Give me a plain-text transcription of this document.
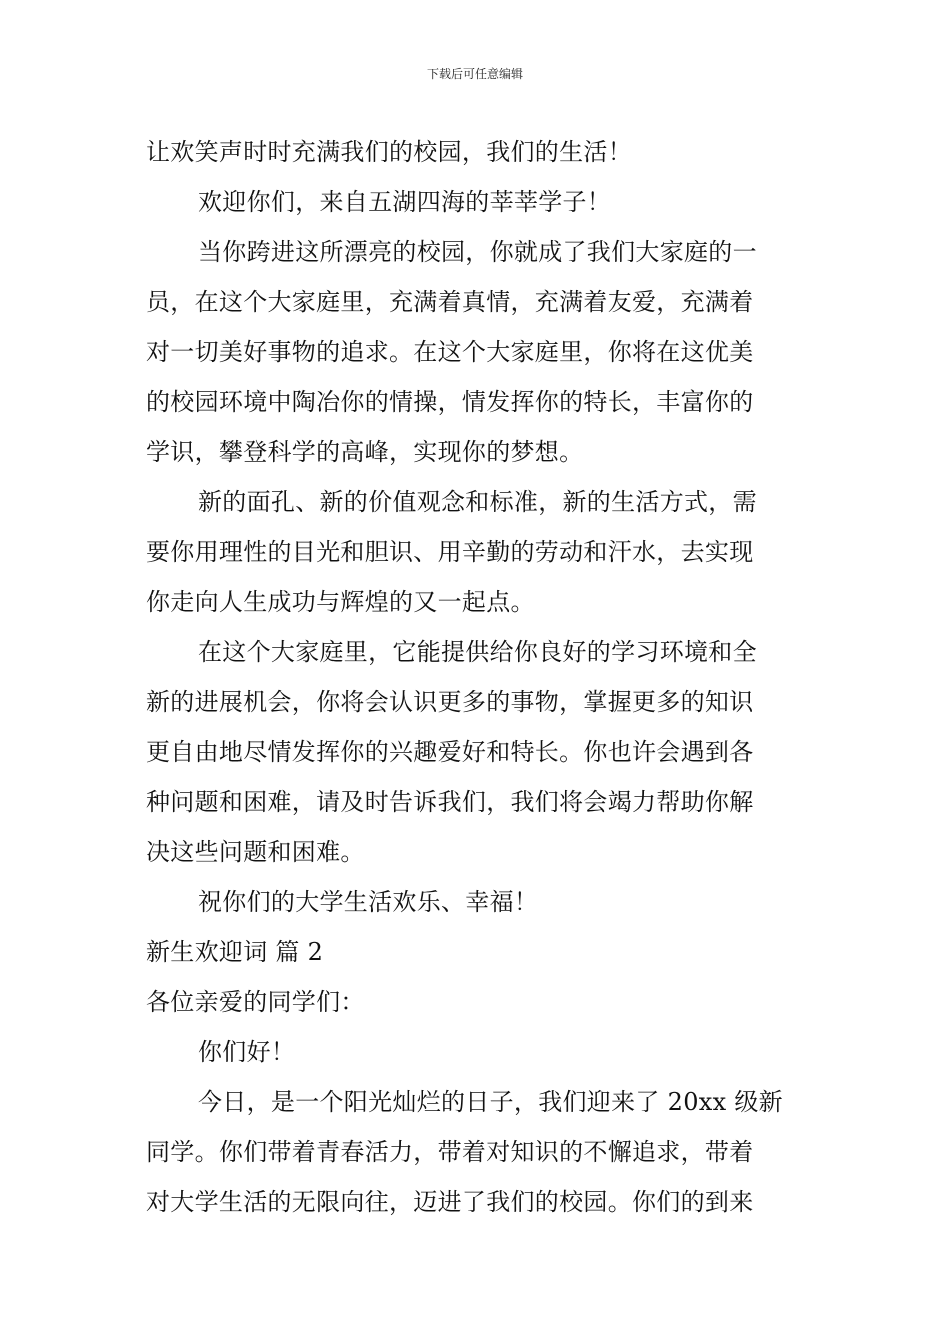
下载后可任意编辑
让欢笑声时时充满我们的校园，我们的生活！
欢迎你们，来自五湖四海的莘莘学子！
当你跨进这所漂亮的校园，你就成了我们大家庭的一
员，在这个大家庭里，充满着真情，充满着友爱，充满着
对一切美好事物的追求。在这个大家庭里，你将在这优美
的校园环境中陶冶你的情操，情发挥你的特长，丰富你的
学识，攀登科学的高峰，实现你的梦想。
新的面孔、新的价值观念和标准，新的生活方式，需
要你用理性的目光和胆识、用辛勤的劳动和汗水，去实现
你走向人生成功与辉煌的又一起点。
在这个大家庭里，它能提供给你良好的学习环境和全
新的进展机会，你将会认识更多的事物，掌握更多的知识
更自由地尽情发挥你的兴趣爱好和特长。你也许会遇到各
种问题和困难，请及时告诉我们，我们将会竭力帮助你解
决这些问题和困难。
祝你们的大学生活欢乐、幸福！
新生欢迎词 篇 2
各位亲爱的同学们：
你们好！
今日，是一个阳光灿烂的日子，我们迎来了 20xx 级新
同学。你们带着青春活力，带着对知识的不懈追求，带着
对大学生活的无限向往，迈进了我们的校园。你们的到来
